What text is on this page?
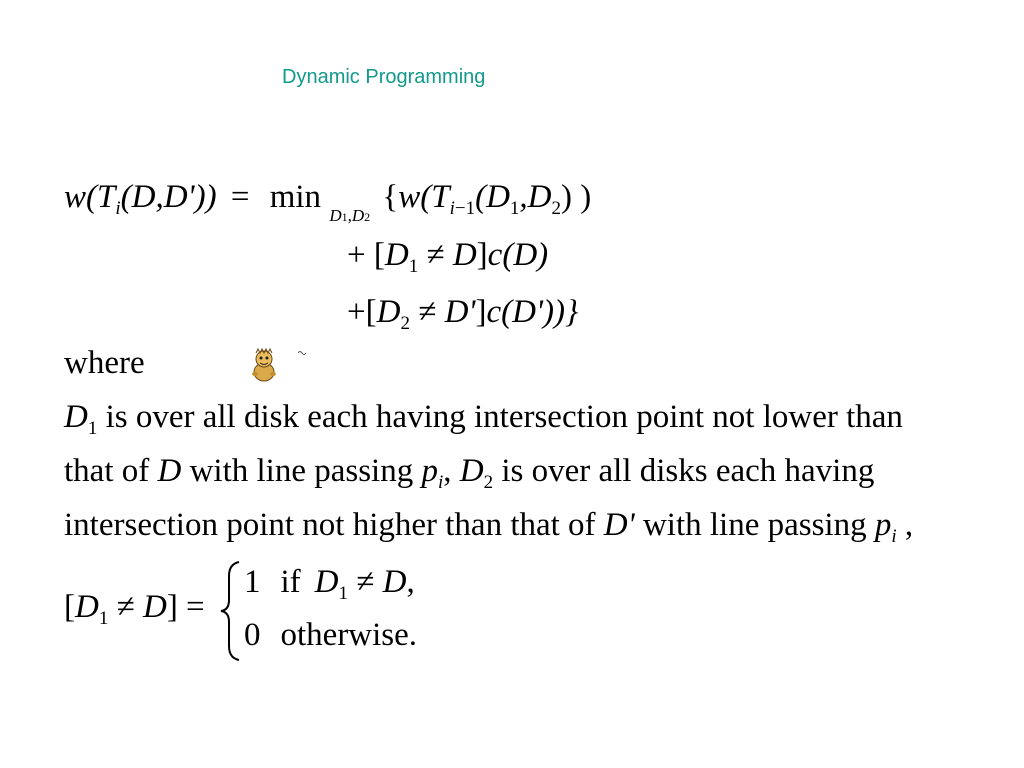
Dynamic Programming
$w(T_i(D,D')) = \min _{D1,D2}$ {$w(T_{i-1}(D_1,D_2)$ )
+ $[D_1 \ne D]c(D)$
$+[D_2 \ne D']c(D')$)}
where
$D_1$ is over all disk each having intersection point not lower than
that of D with line passing $p_i$, $D_2$ is over all disks each having
intersection point not higher than that of D' with line passing $p_i$ ,
$[D_1 \ne D]$ =
1 if $D_1 \ne D$,
0 otherwise.
